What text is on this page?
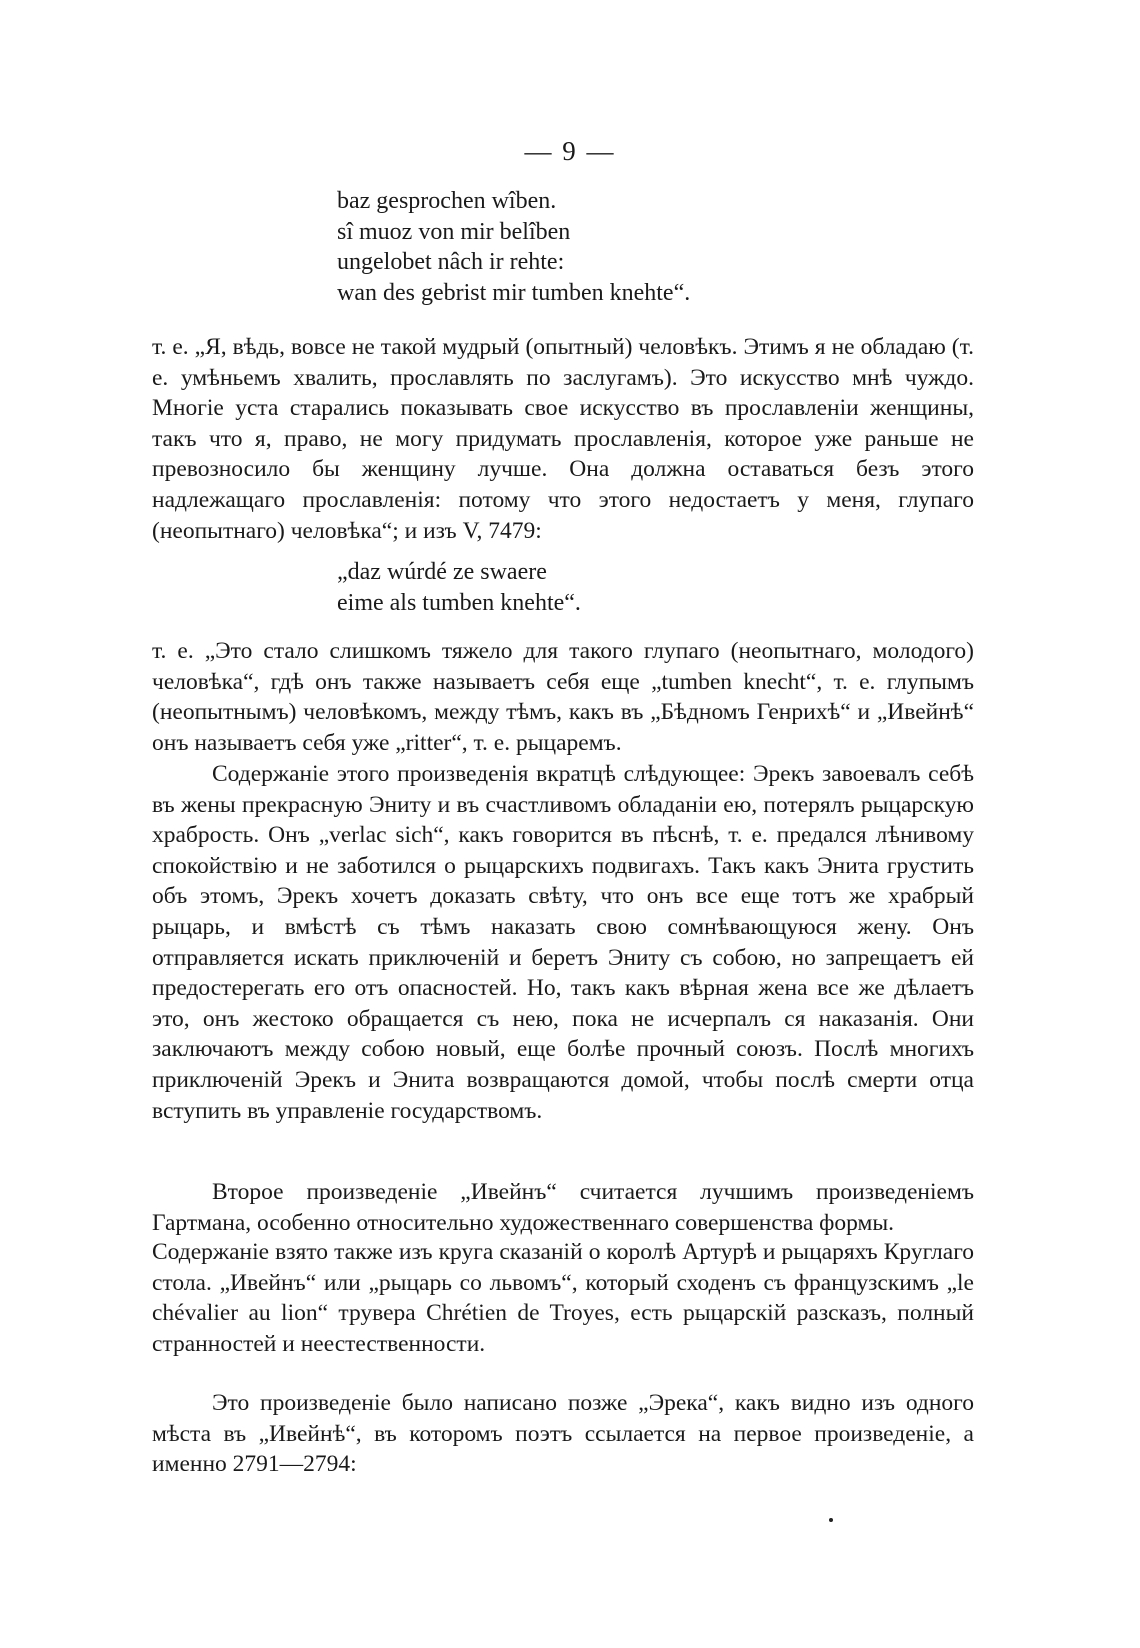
— 9 —
baz gesprochen wîben.
sî muoz von mir belîben
ungelobet nâch ir rehte:
wan des gebrist mir tumben knehte“.

т. е. „Я, вѣдь, вовсе не такой мудрый (опытный) человѣкъ. Этимъ я не обладаю (т. е. умѣньемъ хвалить, прославлять по заслугамъ). Это искусство мнѣ чуждо. Многіе уста старались показывать свое искусство въ прославленіи женщины, такъ что я, право, не могу придумать прославленія, которое уже раньше не превозносило бы женщину лучше. Она должна оставаться безъ этого надлежащаго прославленія: потому что этого недостаетъ у меня, глупаго (неопытнаго) человѣка“; и изъ V, 7479:

„daz wúrdé ze swaere
eime als tumben knehte“.

т. е. „Это стало слишкомъ тяжело для такого глупаго (неопытнаго, молодого) человѣка“, гдѣ онъ также называетъ себя еще „tumben knecht“, т. е. глупымъ (неопытнымъ) человѣкомъ, между тѣмъ, какъ въ „Бѣдномъ Генрихѣ“ и „Ивейнѣ“ онъ называетъ себя уже „ritter“, т. е. рыцаремъ.

Содержаніе этого произведенія вкратцѣ слѣдующее: Эрекъ завоевалъ себѣ въ жены прекрасную Эниту и въ счастливомъ обладаніи ею, потерялъ рыцарскую храбрость. Онъ „verlac sich“, какъ говорится въ пѣснѣ, т. е. предался лѣнивому спокойствію и не заботился о рыцарскихъ подвигахъ. Такъ какъ Энита грустить объ этомъ, Эрекъ хочетъ доказать свѣту, что онъ все еще тотъ же храбрый рыцарь, и вмѣстѣ съ тѣмъ наказать свою сомнѣвающуюся жену. Онъ отправляется искать приключеній и беретъ Эниту съ собою, но запрещаетъ ей предостерегать его отъ опасностей. Но, такъ какъ вѣрная жена все же дѣлаетъ это, онъ жестоко обращается съ нею, пока не исчерпалъ ся наказанія. Они заключаютъ между собою новый, еще болѣе прочный союзъ. Послѣ многихъ приключеній Эрекъ и Энита возвращаются домой, чтобы послѣ смерти отца вступить въ управленіе государствомъ.

Второе произведеніе „Ивейнъ“ считается лучшимъ произведеніемъ Гартмана, особенно относительно художественнаго совершенства формы.

Содержаніе взято также изъ круга сказаній о королѣ Артурѣ и рыцаряхъ Круглаго стола. „Ивейнъ“ или „рыцарь со львомъ“, который сходенъ съ французскимъ „le chévalier au lion“ трувера Chrétien de Troyes, есть рыцарскій разсказъ, полный странностей и неестественности.

Это произведеніе было написано позже „Эрека“, какъ видно изъ одного мѣста въ „Ивейнѣ“, въ которомъ поэтъ ссылается на первое произведеніе, а именно 2791—2794:
